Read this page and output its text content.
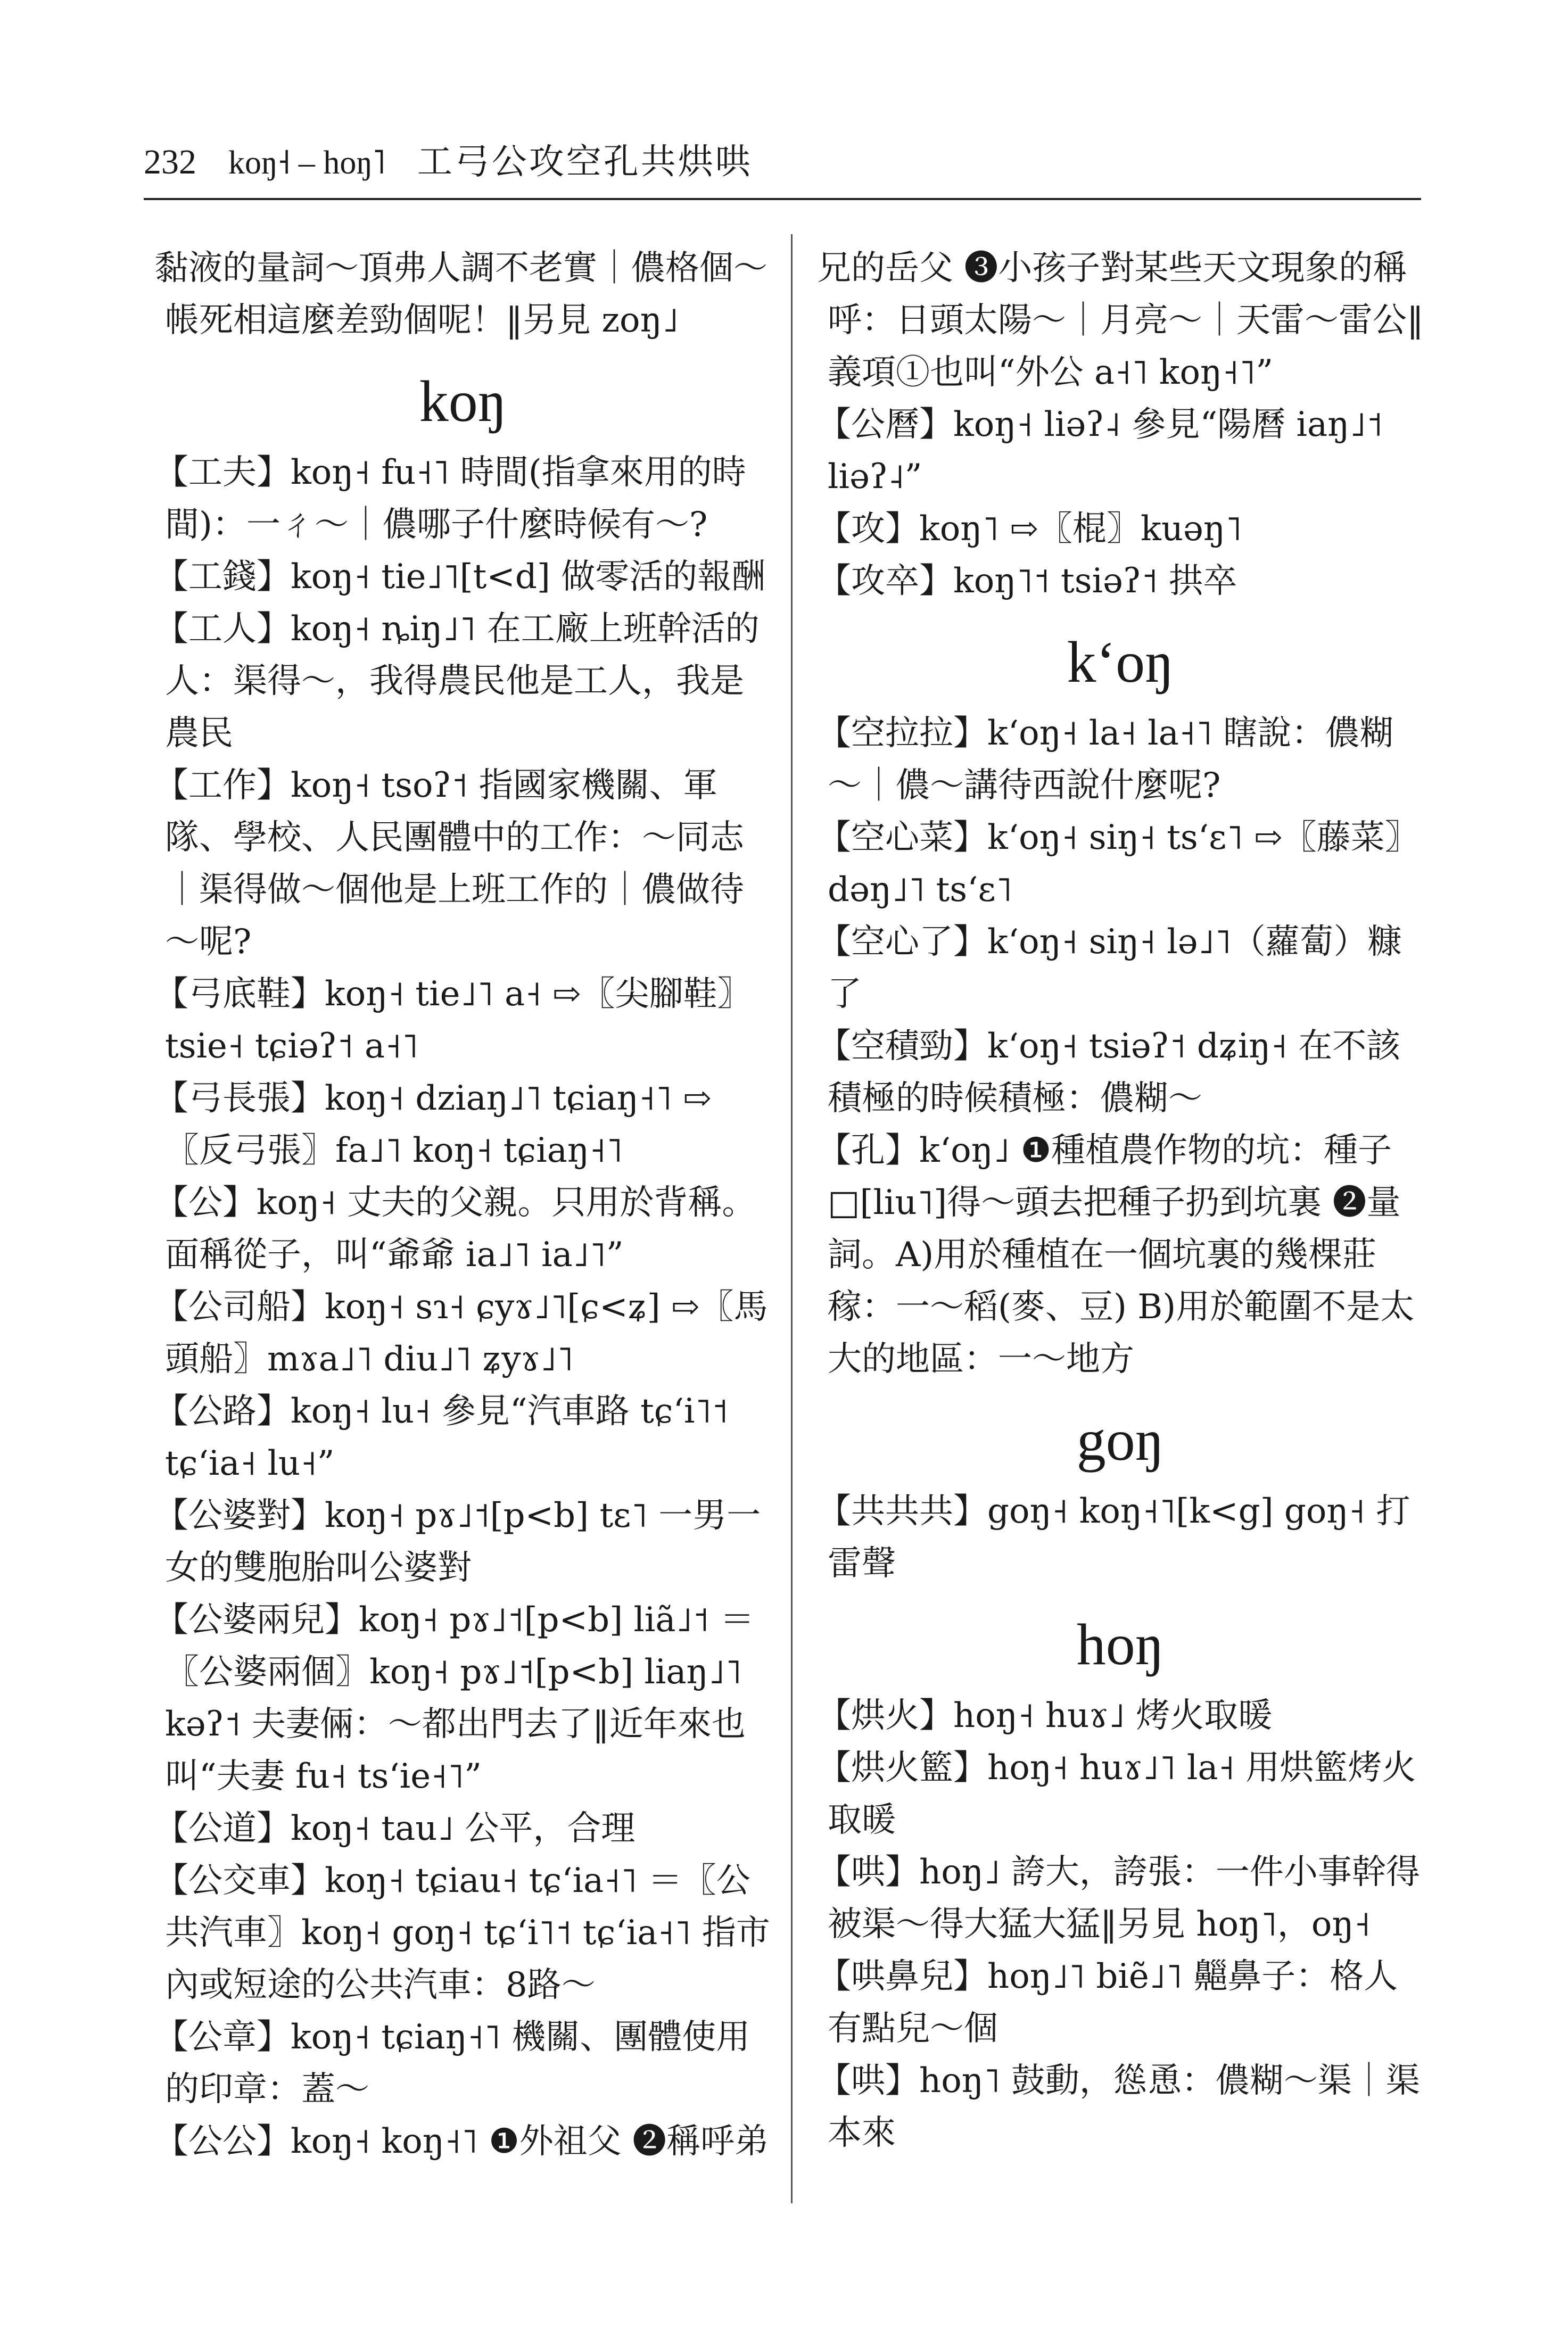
232 koŋ˧ – hoŋ˥ 工弓公攻空孔共烘哄

黏液的量詞～頂弗人調不老實｜儂格個～帳死相這麼差勁個呢！‖另見 zoŋ˩

koŋ

【工夫】koŋ˧ fu˧˥ 時間(指拿來用的時間)：一ㄔ～｜儂哪子什麼時候有～?

【工錢】koŋ˧ tie˩˥[t<d] 做零活的報酬

【工人】koŋ˧ ȵiŋ˩˥ 在工廠上班幹活的人：渠得～，我得農民他是工人，我是農民

【工作】koŋ˧ tsoʔ˦ 指國家機關、軍隊、學校、人民團體中的工作：～同志｜渠得做～個他是上班工作的｜儂做待～呢?

【弓底鞋】koŋ˧ tie˩˥ a˧ ⇨〖尖腳鞋〗tsie˧ tɕiəʔ˦ a˧˥

【弓長張】koŋ˧ dziaŋ˩˥ tɕiaŋ˧˥ ⇨〖反弓張〗fa˩˥ koŋ˧ tɕiaŋ˧˥

【公】koŋ˧ 丈夫的父親。只用於背稱。面稱從子，叫“爺爺 ia˩˥ ia˩˥”

【公司船】koŋ˧ sɿ˧ ɕyɤ˩˥[ɕ<ʑ] ⇨〖馬頭船〗mɤa˩˥ diu˩˥ ʑyɤ˩˥

【公路】koŋ˧ lu˧ 參見“汽車路 tɕʻi˥˦ tɕʻia˧ lu˧”

【公婆對】koŋ˧ pɤ˩˦[p<b] tɛ˥ 一男一女的雙胞胎叫公婆對

【公婆兩兒】koŋ˧ pɤ˩˦[p<b] liã˩˦ ＝〖公婆兩個〗koŋ˧ pɤ˩˦[p<b] liaŋ˩˥ kəʔ˦ 夫妻倆：～都出門去了‖近年來也叫“夫妻 fu˧ tsʻie˧˥”

【公道】koŋ˧ tau˩ 公平，合理

【公交車】koŋ˧ tɕiau˧ tɕʻia˧˥ ＝〖公共汽車〗koŋ˧ goŋ˧ tɕʻi˥˦ tɕʻia˧˥ 指市內或短途的公共汽車：8路～

【公章】koŋ˧ tɕiaŋ˧˥ 機關、團體使用的印章：蓋～

【公公】koŋ˧ koŋ˧˥ ❶外祖父 ❷稱呼弟

兄的岳父 ❸小孩子對某些天文現象的稱呼：日頭太陽～｜月亮～｜天雷～雷公‖義項①也叫“外公 a˧˥ koŋ˧˥”

【公曆】koŋ˧ liəʔ˨ 參見“陽曆 iaŋ˩˦ liəʔ˨”

【攻】koŋ˥ ⇨〖棍〗kuəŋ˥

【攻卒】koŋ˥˦ tsiəʔ˦ 拱卒

kʻoŋ

【空拉拉】kʻoŋ˧ la˧ la˧˥ 瞎說：儂糊～｜儂～講待西說什麼呢?

【空心菜】kʻoŋ˧ siŋ˧ tsʻɛ˥ ⇨〖藤菜〗dəŋ˩˥ tsʻɛ˥

【空心了】kʻoŋ˧ siŋ˧ lə˩˥（蘿蔔）糠了

【空積勁】kʻoŋ˧ tsiəʔ˦ dʑiŋ˧ 在不該積極的時候積極：儂糊～

【孔】kʻoŋ˩ ❶種植農作物的坑：種子□[liu˥]得～頭去把種子扔到坑裏 ❷量詞。A)用於種植在一個坑裏的幾棵莊稼：一～稻(麥、豆) B)用於範圍不是太大的地區：一～地方

goŋ

【共共共】goŋ˧ koŋ˧˥[k<g] goŋ˧ 打雷聲

hoŋ

【烘火】hoŋ˧ huɤ˩ 烤火取暖

【烘火籃】hoŋ˧ huɤ˩˥ la˧ 用烘籃烤火取暖

【哄】hoŋ˩ 誇大，誇張：一件小事幹得被渠～得大猛大猛‖另見 hoŋ˥，oŋ˧

【哄鼻兒】hoŋ˩˥ biẽ˩˥ 齆鼻子：格人有點兒～個

【哄】hoŋ˥ 鼓動，慫恿：儂糊～渠｜渠本來
